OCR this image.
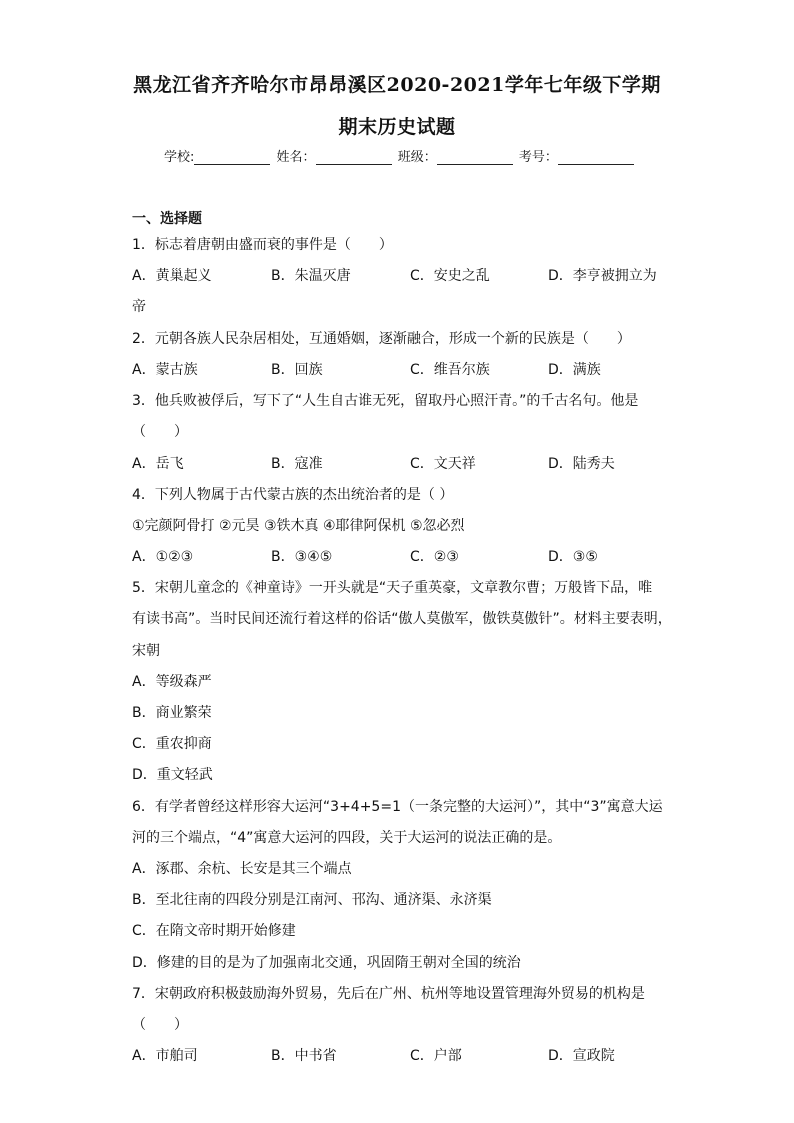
黑龙江省齐齐哈尔市昂昂溪区2020-2021学年七年级下学期
期末历史试题
学校:	姓名：	班级：	考号：
一、选择题
1．标志着唐朝由盛而衰的事件是（　　）
A．黄巢起义	B．朱温灭唐	C．安史之乱	D．李亨被拥立为
帝
2．元朝各族人民杂居相处，互通婚姻，逐渐融合，形成一个新的民族是（　　）
A．蒙古族	B．回族	C．维吾尔族	D．满族
3．他兵败被俘后，写下了“人生自古谁无死，留取丹心照汗青。”的千古名句。他是
（　　）
A．岳飞	B．寇准	C．文天祥	D．陆秀夫
4．下列人物属于古代蒙古族的杰出统治者的是（ ）
①完颜阿骨打 ②元昊 ③铁木真 ④耶律阿保机 ⑤忽必烈
A．①②③	B．③④⑤	C．②③	D．③⑤
5．宋朝儿童念的《神童诗》一开头就是“天子重英豪，文章教尔曹；万般皆下品，唯
有读书高”。当时民间还流行着这样的俗话“傲人莫傲军，傲铁莫傲针”。材料主要表明，
宋朝
A．等级森严
B．商业繁荣
C．重农抑商
D．重文轻武
6．有学者曾经这样形容大运河“3+4+5=1（一条完整的大运河）”，其中“3”寓意大运
河的三个端点，“4”寓意大运河的四段，关于大运河的说法正确的是。
A．涿郡、余杭、长安是其三个端点
B．至北往南的四段分别是江南河、邗沟、通济渠、永济渠
C．在隋文帝时期开始修建
D．修建的目的是为了加强南北交通，巩固隋王朝对全国的统治
7．宋朝政府积极鼓励海外贸易，先后在广州、杭州等地设置管理海外贸易的机构是
（　　）
A．市舶司	B．中书省	C．户部	D．宣政院
